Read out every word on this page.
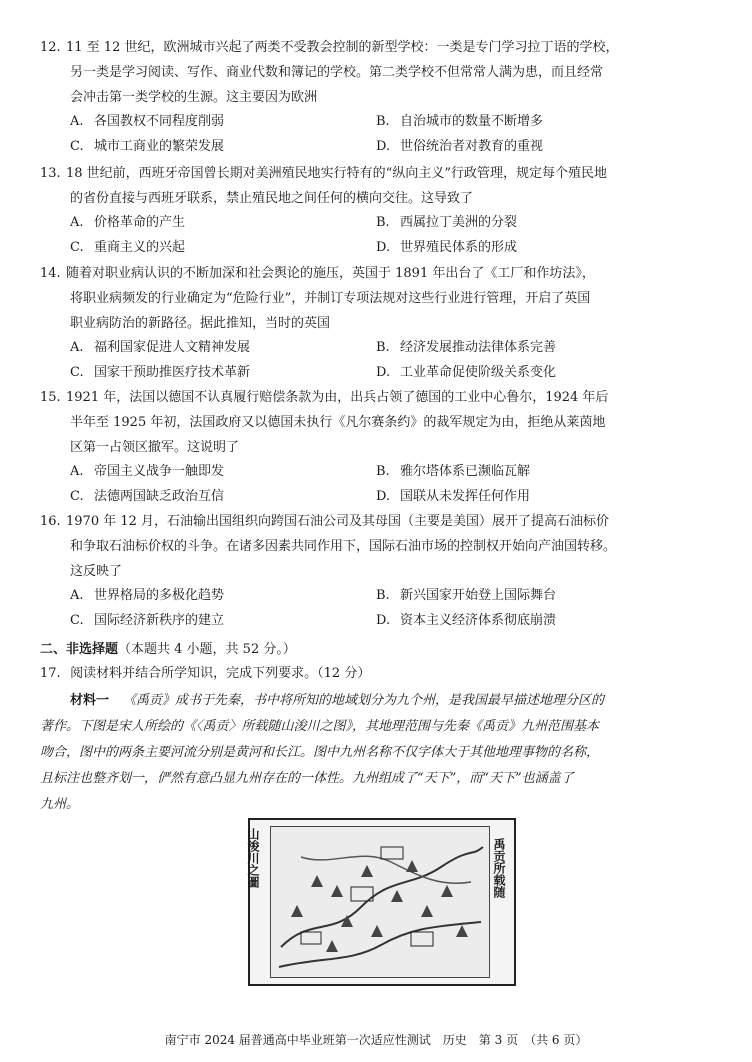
12. 11 至 12 世纪，欧洲城市兴起了两类不受教会控制的新型学校：一类是专门学习拉丁语的学校，
另一类是学习阅读、写作、商业代数和簿记的学校。第二类学校不但常常人满为患，而且经常
会冲击第一类学校的生源。这主要因为欧洲
A. 各国教权不同程度削弱	B. 自治城市的数量不断增多
C. 城市工商业的繁荣发展	D. 世俗统治者对教育的重视
13. 18 世纪前，西班牙帝国曾长期对美洲殖民地实行特有的“纵向主义”行政管理，规定每个殖民地
的省份直接与西班牙联系，禁止殖民地之间任何的横向交往。这导致了
A. 价格革命的产生	B. 西属拉丁美洲的分裂
C. 重商主义的兴起	D. 世界殖民体系的形成
14. 随着对职业病认识的不断加深和社会舆论的施压，英国于 1891 年出台了《工厂和作坊法》，
将职业病频发的行业确定为“危险行业”，并制订专项法规对这些行业进行管理，开启了英国
职业病防治的新路径。据此推知，当时的英国
A. 福利国家促进人文精神发展	B. 经济发展推动法律体系完善
C. 国家干预助推医疗技术革新	D. 工业革命促使阶级关系变化
15. 1921 年，法国以德国不认真履行赔偿条款为由，出兵占领了德国的工业中心鲁尔，1924 年后
半年至 1925 年初，法国政府又以德国未执行《凡尔赛条约》的裁军规定为由，拒绝从莱茵地
区第一占领区撤军。这说明了
A. 帝国主义战争一触即发	B. 雅尔塔体系已濒临瓦解
C. 法德两国缺乏政治互信	D. 国联从未发挥任何作用
16. 1970 年 12 月，石油输出国组织向跨国石油公司及其母国（主要是美国）展开了提高石油标价
和争取石油标价权的斗争。在诸多因素共同作用下，国际石油市场的控制权开始向产油国转移。
这反映了
A. 世界格局的多极化趋势	B. 新兴国家开始登上国际舞台
C. 国际经济新秩序的建立	D. 资本主义经济体系彻底崩溃
二、非选择题（本题共 4 小题，共 52 分。）
17. 阅读材料并结合所学知识，完成下列要求。（12 分）

材料一 《禹贡》成书于先秦，书中将所知的地域划分为九个州，是我国最早描述地理分区的

著作。下图是宋人所绘的《〈禹贡〉所载随山浚川之图》，其地理范围与先秦《禹贡》九州范围基本

吻合，图中的两条主要河流分别是黄河和长江。图中九州名称不仅字体大于其他地理事物的名称，

且标注也整齐划一，俨然有意凸显九州存在的一体性。九州组成了“天下”，而“天下”也涵盖了

九州。

山浚川之圖	禹贡所载随
南宁市 2024 届普通高中毕业班第一次适应性测试　历史　第 3 页　（共 6 页）
